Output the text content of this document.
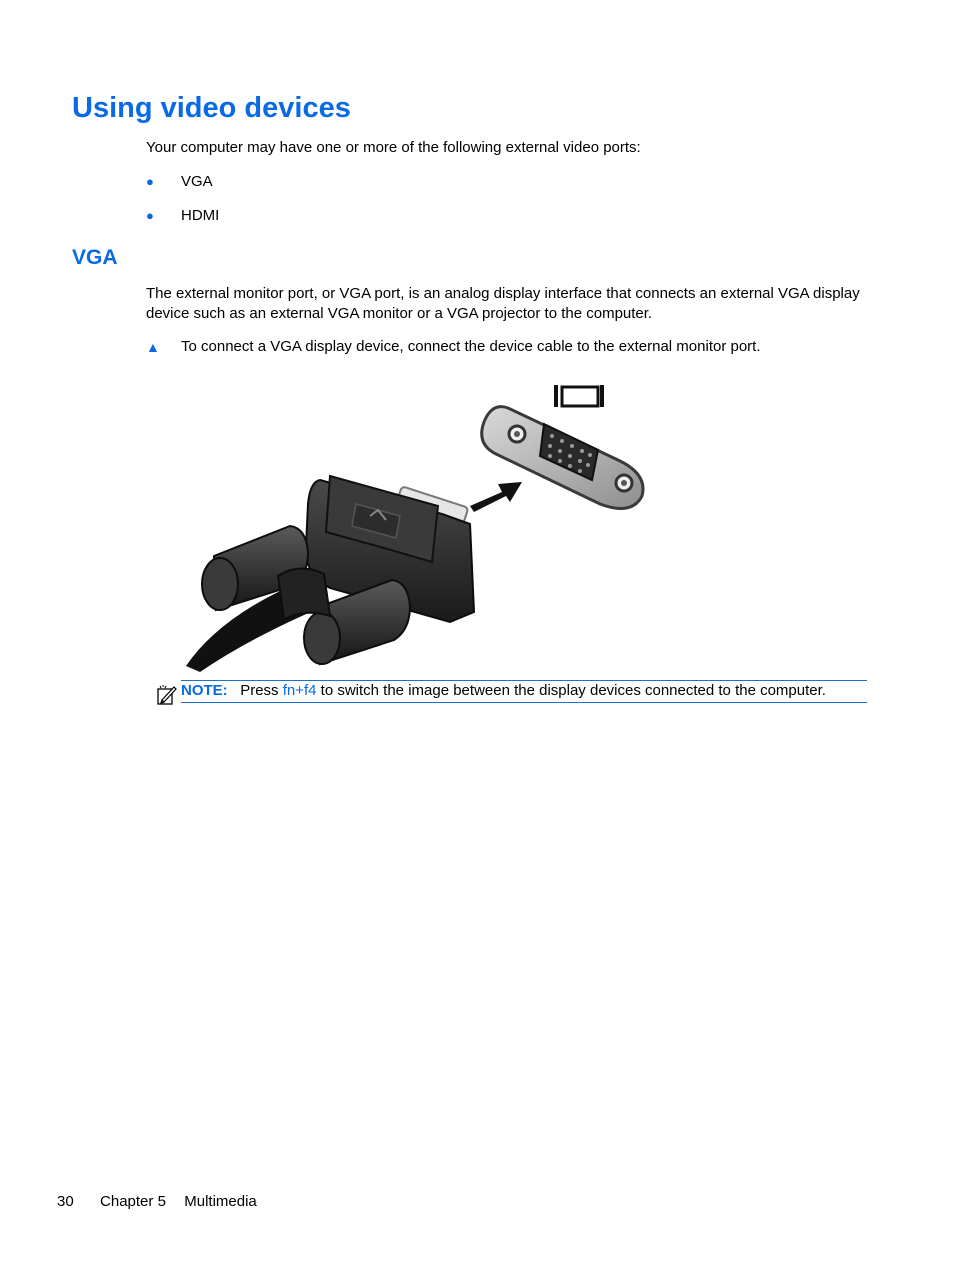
Using video devices

Your computer may have one or more of the following external video ports:

● VGA
● HDMI
VGA

The external monitor port, or VGA port, is an analog display interface that connects an external VGA display device such as an external VGA monitor or a VGA projector to the computer.

▲ To connect a VGA display device, connect the device cable to the external monitor port.
NOTE: Press fn+f4 to switch the image between the display devices connected to the computer.
30 Chapter 5 Multimedia
